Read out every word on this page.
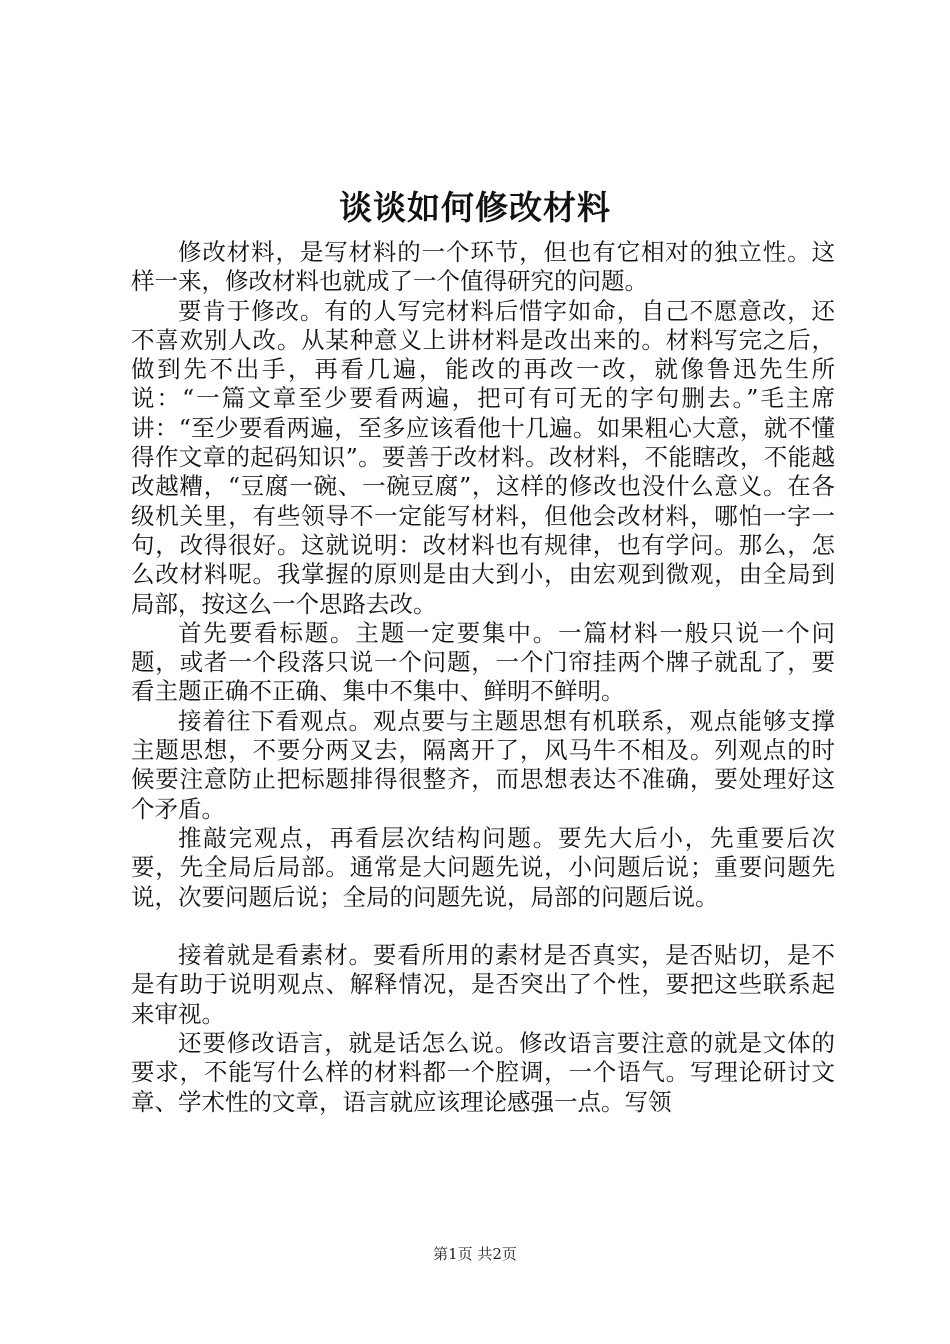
谈谈如何修改材料

修改材料，是写材料的一个环节，但也有它相对的独立性。这样一来，修改材料也就成了一个值得研究的问题。

要肯于修改。有的人写完材料后惜字如命，自己不愿意改，还不喜欢别人改。从某种意义上讲材料是改出来的。材料写完之后，做到先不出手，再看几遍，能改的再改一改，就像鲁迅先生所说：“一篇文章至少要看两遍，把可有可无的字句删去。”毛主席讲：“至少要看两遍，至多应该看他十几遍。如果粗心大意，就不懂得作文章的起码知识”。要善于改材料。改材料，不能瞎改，不能越改越糟，“豆腐一碗、一碗豆腐”，这样的修改也没什么意义。在各级机关里，有些领导不一定能写材料，但他会改材料，哪怕一字一句，改得很好。这就说明：改材料也有规律，也有学问。那么，怎么改材料呢。我掌握的原则是由大到小，由宏观到微观，由全局到局部，按这么一个思路去改。

首先要看标题。主题一定要集中。一篇材料一般只说一个问题，或者一个段落只说一个问题，一个门帘挂两个牌子就乱了，要看主题正确不正确、集中不集中、鲜明不鲜明。

接着往下看观点。观点要与主题思想有机联系，观点能够支撑主题思想，不要分两叉去，隔离开了，风马牛不相及。列观点的时候要注意防止把标题排得很整齐，而思想表达不准确，要处理好这个矛盾。

推敲完观点，再看层次结构问题。要先大后小，先重要后次要，先全局后局部。通常是大问题先说，小问题后说；重要问题先说，次要问题后说；全局的问题先说，局部的问题后说。

接着就是看素材。要看所用的素材是否真实，是否贴切，是不是有助于说明观点、解释情况，是否突出了个性，要把这些联系起来审视。

还要修改语言，就是话怎么说。修改语言要注意的就是文体的要求，不能写什么样的材料都一个腔调，一个语气。写理论研讨文章、学术性的文章，语言就应该理论感强一点。写领

第1页 共2页
